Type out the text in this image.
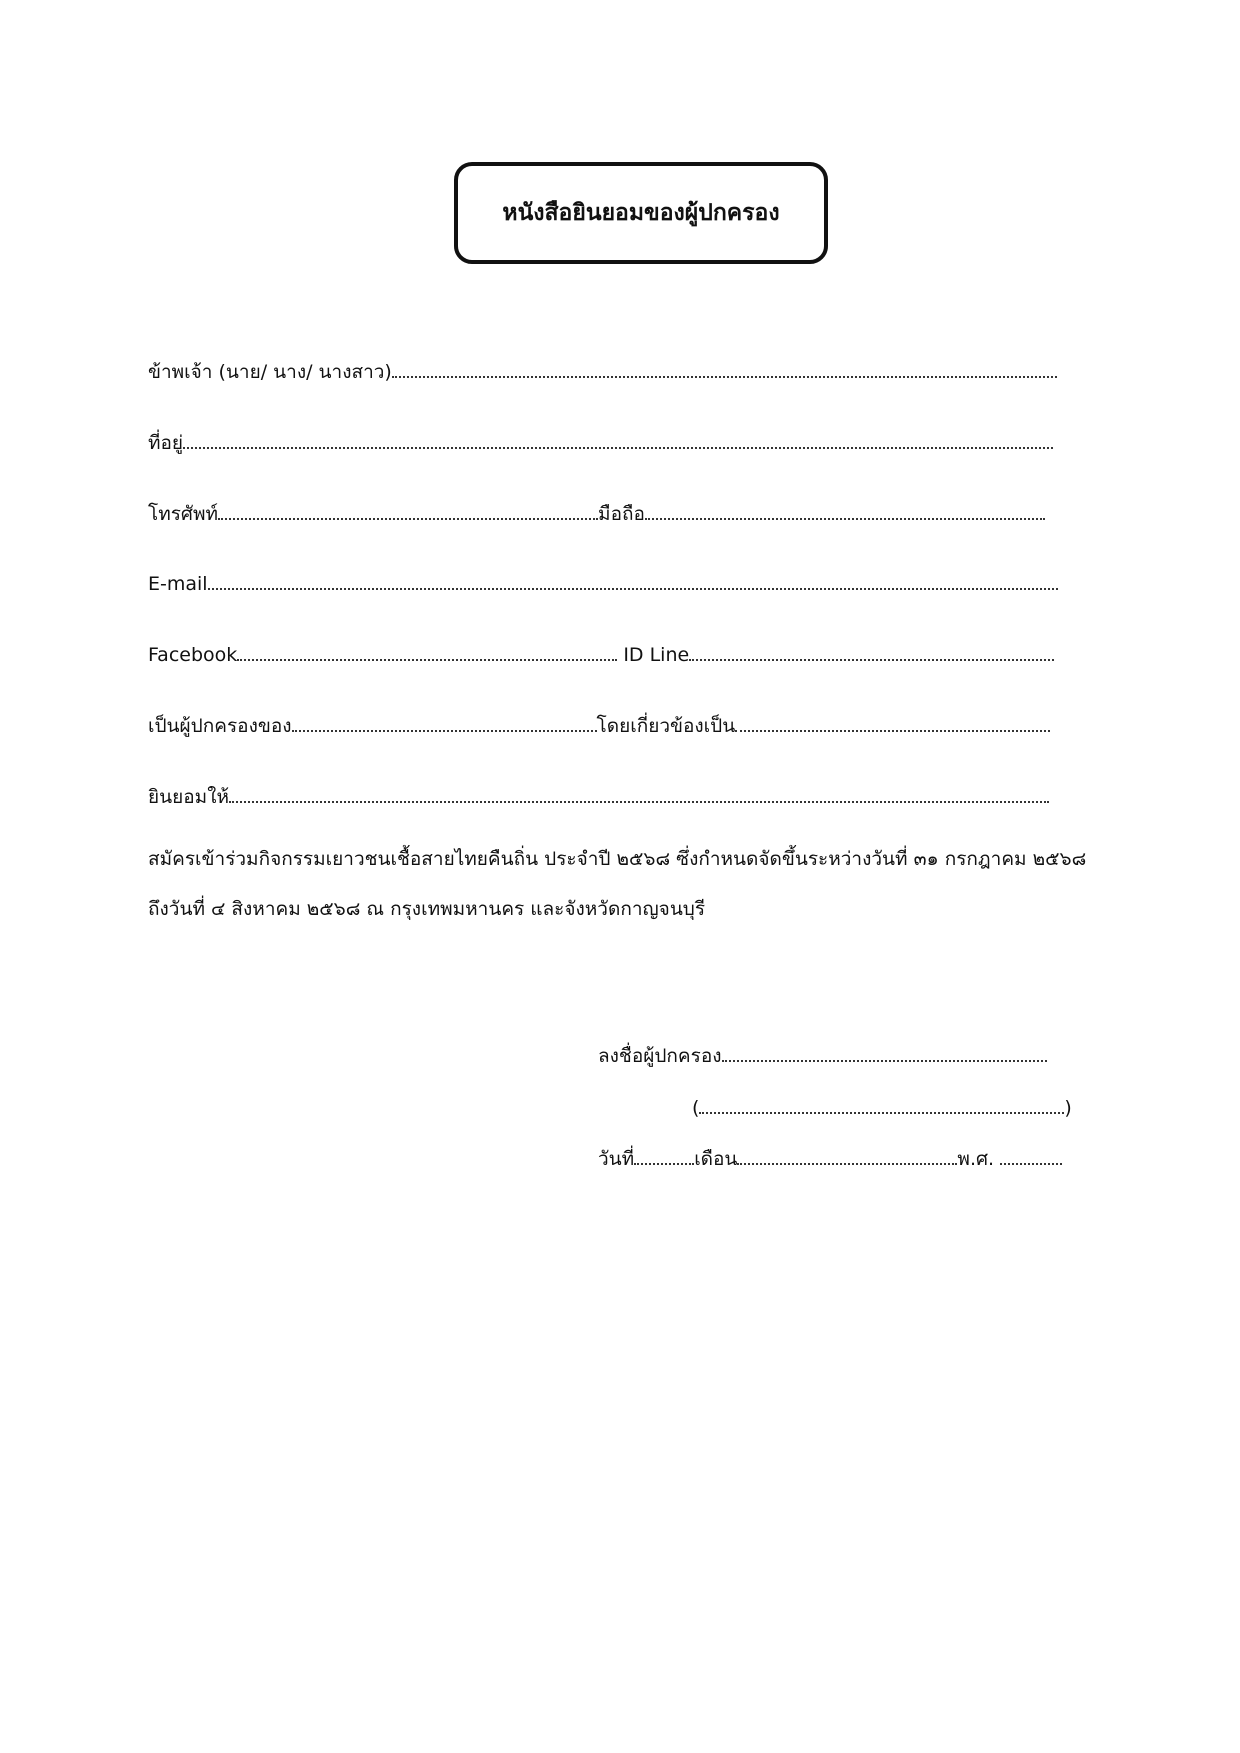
หนังสือยินยอมของผู้ปกครอง
ข้าพเจ้า (นาย/ นาง/ นางสาว)
ที่อยู่
โทรศัพท์	มือถือ
E-mail
Facebook	ID Line
เป็นผู้ปกครองของ	โดยเกี่ยวข้องเป็น
ยินยอมให้
สมัครเข้าร่วมกิจกรรมเยาวชนเชื้อสายไทยคืนถิ่น ประจำปี ๒๕๖๘ ซึ่งกำหนดจัดขึ้นระหว่างวันที่ ๓๑ กรกฎาคม ๒๕๖๘
ถึงวันที่ ๔ สิงหาคม ๒๕๖๘ ณ กรุงเทพมหานคร และจังหวัดกาญจนบุรี
ลงชื่อผู้ปกครอง
(	)
วันที่	เดือน	พ.ศ.
